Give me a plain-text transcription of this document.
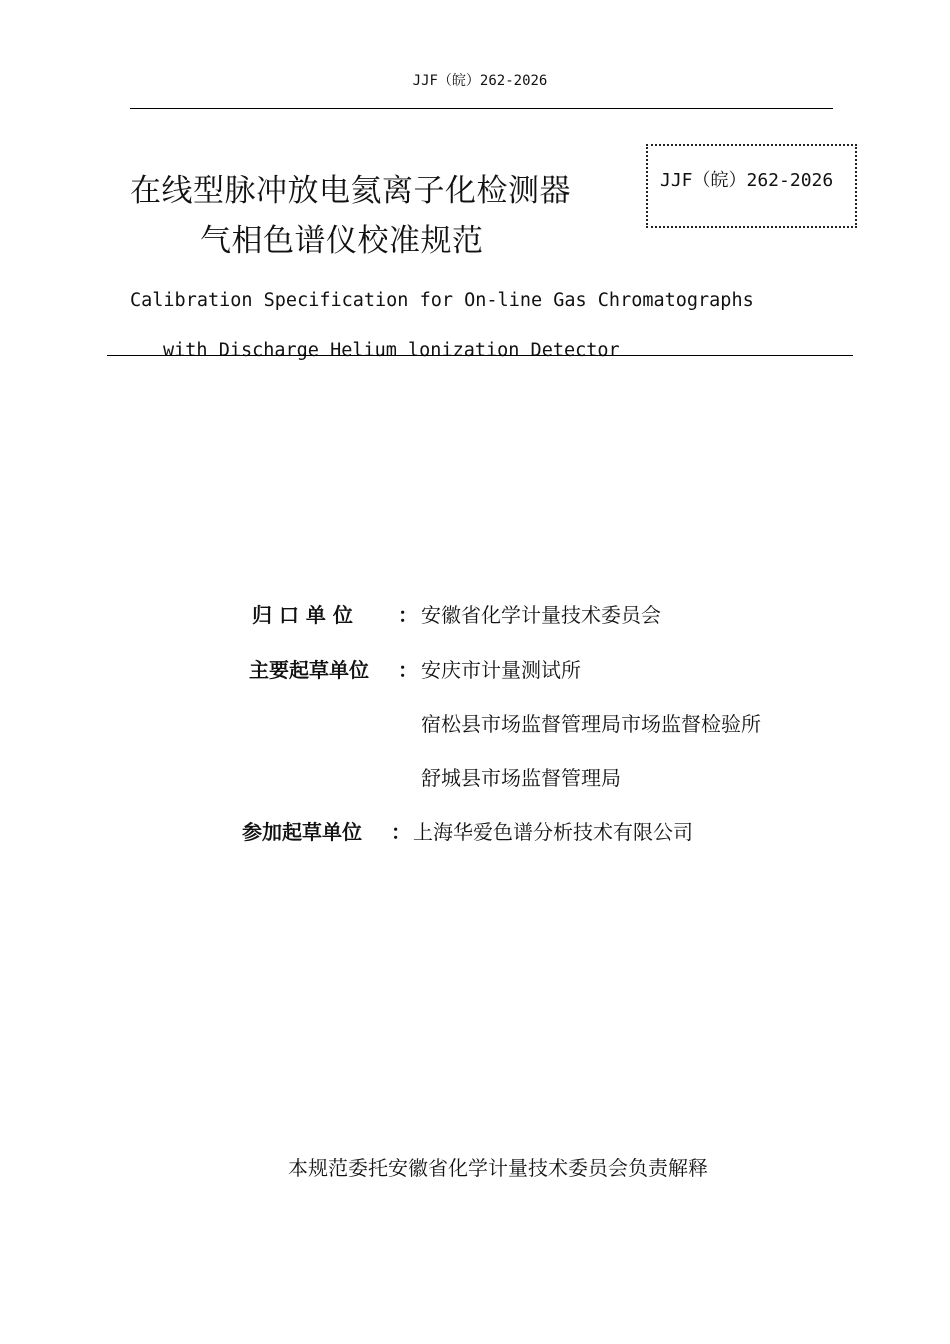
JJF（皖）262-2026
在线型脉冲放电氦离子化检测器
气相色谱仪校准规范
JJF（皖）262-2026
Calibration Specification for On-line Gas Chromatographs
with Discharge Helium lonization Detector
归 口 单 位 ： 安徽省化学计量技术委员会
主要起草单位 ： 安庆市计量测试所
宿松县市场监督管理局市场监督检验所
舒城县市场监督管理局
参加起草单位 ： 上海华爱色谱分析技术有限公司
本规范委托安徽省化学计量技术委员会负责解释
